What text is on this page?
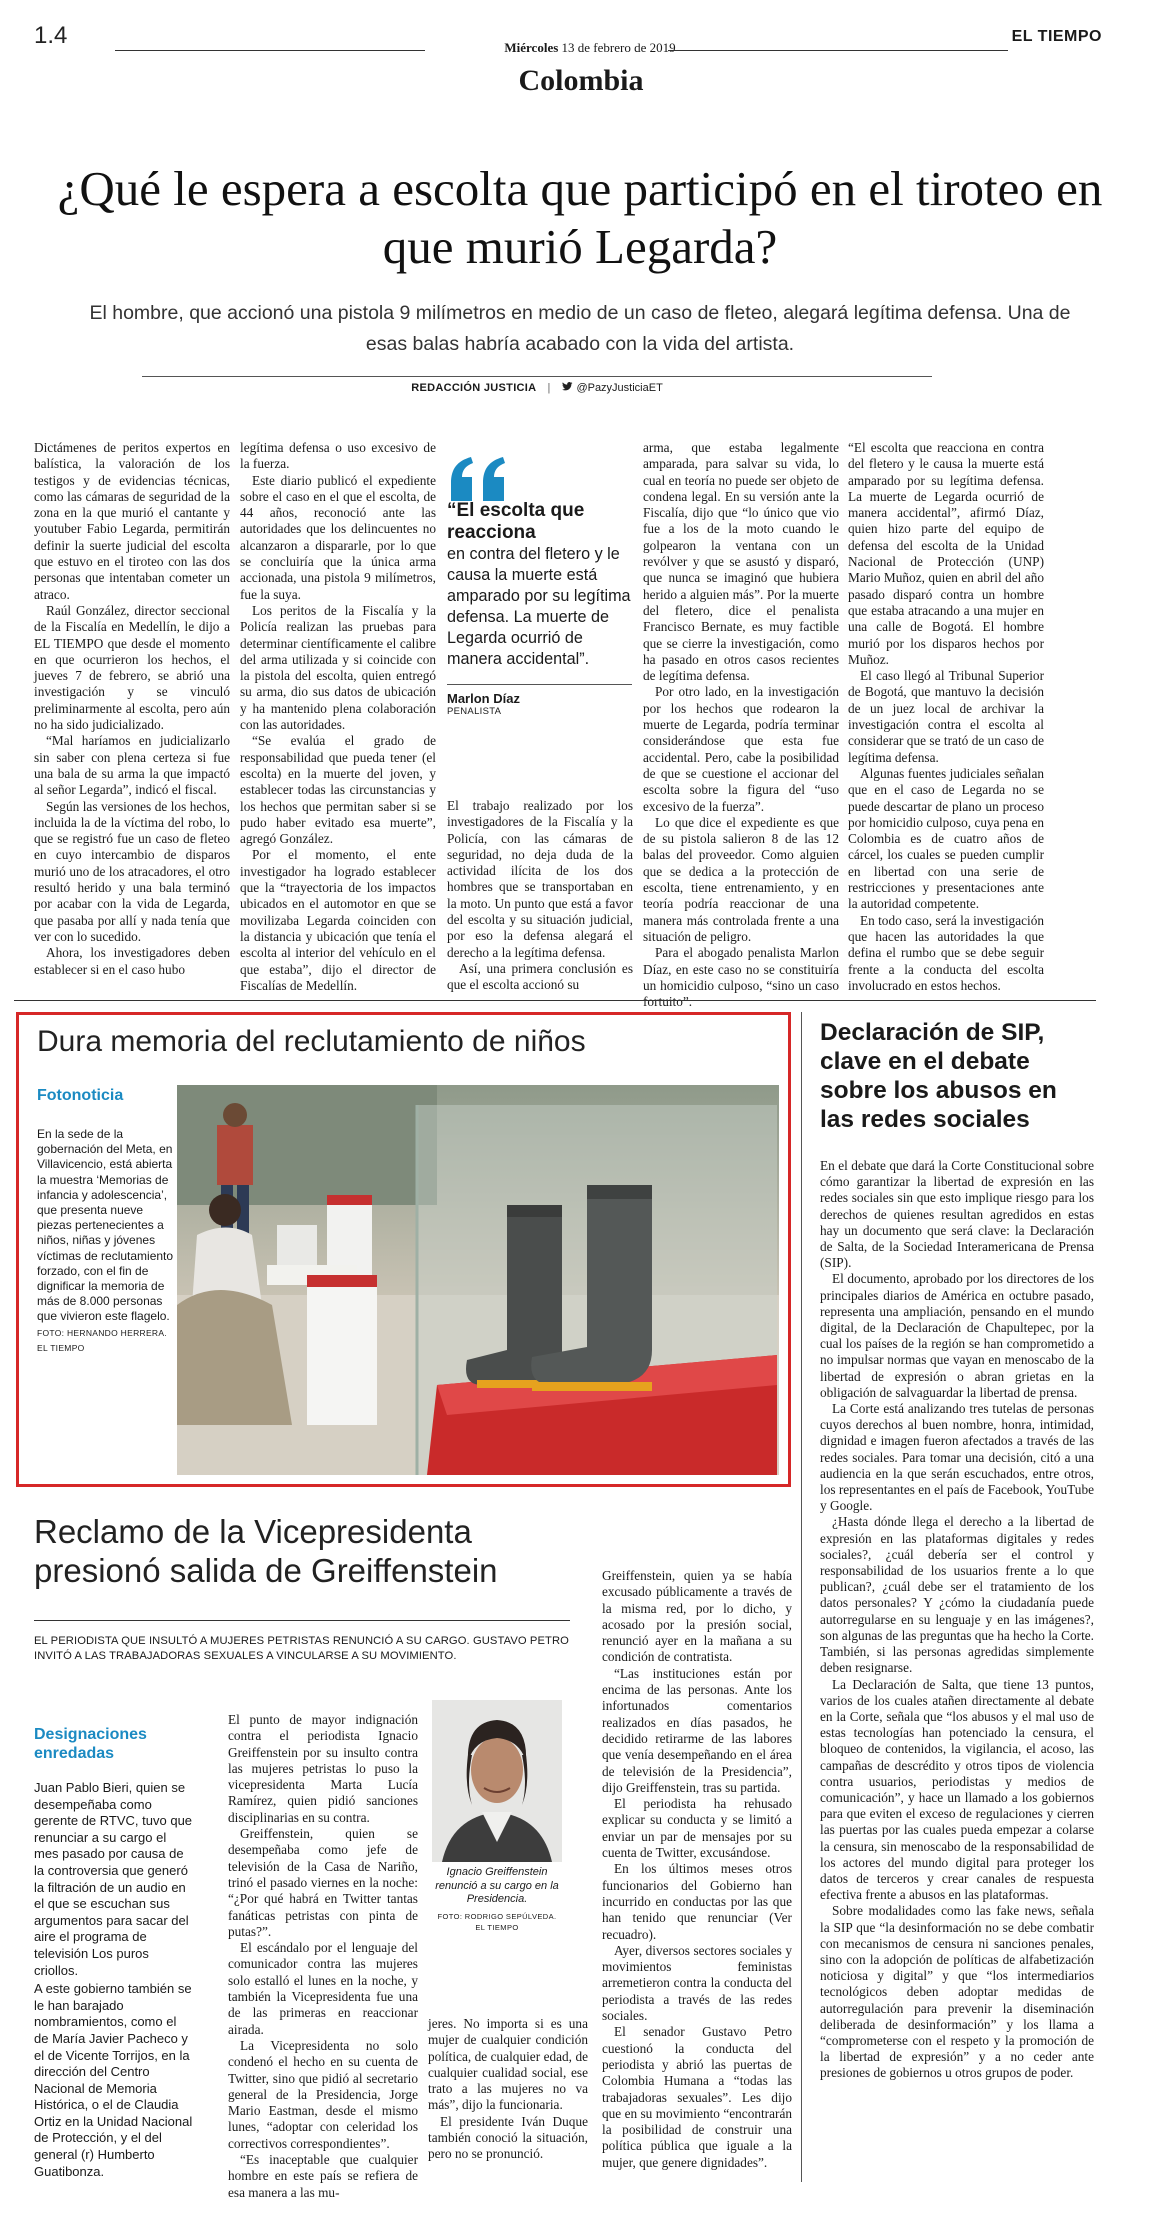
1.4	Miércoles 13 de febrero de 2019
EL TIEMPO
Colombia
¿Qué le espera a escolta que participó en el tiroteo en que murió Legarda?
El hombre, que accionó una pistola 9 milímetros en medio de un caso de fleteo, alegará legítima defensa. Una de esas balas habría acabado con la vida del artista.
REDACCIÓN JUSTICIA | @PazyJusticiaET

Dictámenes de peritos expertos en balística, la valoración de los testigos y de evidencias técnicas, como las cámaras de seguridad de la zona en la que murió el cantante y youtuber Fabio Legarda, permitirán definir la suerte judicial del escolta que estuvo en el tiroteo con las dos personas que intentaban cometer un atraco.

Raúl González, director seccional de la Fiscalía en Medellín, le dijo a EL TIEMPO que desde el momento en que ocurrieron los hechos, el jueves 7 de febrero, se abrió una investigación y se vinculó preliminarmente al escolta, pero aún no ha sido judicializado.

“Mal haríamos en judicializarlo sin saber con plena certeza si fue una bala de su arma la que impactó al señor Legarda”, indicó el fiscal.

Según las versiones de los hechos, incluida la de la víctima del robo, lo que se registró fue un caso de fleteo en cuyo intercambio de disparos murió uno de los atracadores, el otro resultó herido y una bala terminó por acabar con la vida de Legarda, que pasaba por allí y nada tenía que ver con lo sucedido.

Ahora, los investigadores deben establecer si en el caso hubo

legítima defensa o uso excesivo de la fuerza.

Este diario publicó el expediente sobre el caso en el que el escolta, de 44 años, reconoció ante las autoridades que los delincuentes no alcanzaron a dispararle, por lo que se concluiría que la única arma accionada, una pistola 9 milímetros, fue la suya.

Los peritos de la Fiscalía y la Policía realizan las pruebas para determinar científicamente el calibre del arma utilizada y si coincide con la pistola del escolta, quien entregó su arma, dio sus datos de ubicación y ha mantenido plena colaboración con las autoridades.

“Se evalúa el grado de responsabilidad que pueda tener (el escolta) en la muerte del joven, y establecer todas las circunstancias y los hechos que permitan saber si se pudo haber evitado esa muerte”, agregó González.

Por el momento, el ente investigador ha logrado establecer que la “trayectoria de los impactos ubicados en el automotor en que se movilizaba Legarda coinciden con la distancia y ubicación que tenía el escolta al interior del vehículo en el que estaba”, dijo el director de Fiscalías de Medellín.

“El escolta que reacciona
en contra del fletero y le causa la muerte está amparado por su legítima defensa. La muerte de Legarda ocurrió de manera accidental”.
Marlon Díaz
PENALISTA

El trabajo realizado por los investigadores de la Fiscalía y la Policía, con las cámaras de seguridad, no deja duda de la actividad ilícita de los dos hombres que se transportaban en la moto. Un punto que está a favor del escolta y su situación judicial, por eso la defensa alegará el derecho a la legítima defensa.

Así, una primera conclusión es que el escolta accionó su

arma, que estaba legalmente amparada, para salvar su vida, lo cual en teoría no puede ser objeto de condena legal. En su versión ante la Fiscalía, dijo que “lo único que vio fue a los de la moto cuando le golpearon la ventana con un revólver y que se asustó y disparó, que nunca se imaginó que hubiera herido a alguien más”. Por la muerte del fletero, dice el penalista Francisco Bernate, es muy factible que se cierre la investigación, como ha pasado en otros casos recientes de legítima defensa.

Por otro lado, en la investigación por los hechos que rodearon la muerte de Legarda, podría terminar considerándose que esta fue accidental. Pero, cabe la posibilidad de que se cuestione el accionar del escolta sobre la figura del “uso excesivo de la fuerza”.

Lo que dice el expediente es que de su pistola salieron 8 de las 12 balas del proveedor. Como alguien que se dedica a la protección de escolta, tiene entrenamiento, y en teoría podría reaccionar de una manera más controlada frente a una situación de peligro.

Para el abogado penalista Marlon Díaz, en este caso no se constituiría un homicidio culposo, “sino un caso fortuito”.

“El escolta que reacciona en contra del fletero y le causa la muerte está amparado por su legítima defensa. La muerte de Legarda ocurrió de manera accidental”, afirmó Díaz, quien hizo parte del equipo de defensa del escolta de la Unidad Nacional de Protección (UNP) Mario Muñoz, quien en abril del año pasado disparó contra un hombre que estaba atracando a una mujer en una calle de Bogotá. El hombre murió por los disparos hechos por Muñoz.

El caso llegó al Tribunal Superior de Bogotá, que mantuvo la decisión de un juez local de archivar la investigación contra el escolta al considerar que se trató de un caso de legítima defensa.

Algunas fuentes judiciales señalan que en el caso de Legarda no se puede descartar de plano un proceso por homicidio culposo, cuya pena en Colombia es de cuatro años de cárcel, los cuales se pueden cumplir en libertad con una serie de restricciones y presentaciones ante la autoridad competente.

En todo caso, será la investigación que hacen las autoridades la que defina el rumbo que se debe seguir frente a la conducta del escolta involucrado en estos hechos.

Dura memoria del reclutamiento de niños
Fotonoticia
En la sede de la gobernación del Meta, en Villavicencio, está abierta la muestra ‘Memorias de infancia y adolescencia’, que presenta nueve piezas pertenecientes a niños, niñas y jóvenes víctimas de reclutamiento forzado, con el fin de dignificar la memoria de más de 8.000 personas que vivieron este flagelo. FOTO: HERNANDO HERRERA. EL TIEMPO
Declaración de SIP, clave en el debate sobre los abusos en las redes sociales

En el debate que dará la Corte Constitucional sobre cómo garantizar la libertad de expresión en las redes sociales sin que esto implique riesgo para los derechos de quienes resultan agredidos en estas hay un documento que será clave: la Declaración de Salta, de la Sociedad Interamericana de Prensa (SIP).

El documento, aprobado por los directores de los principales diarios de América en octubre pasado, representa una ampliación, pensando en el mundo digital, de la Declaración de Chapultepec, por la cual los países de la región se han comprometido a no impulsar normas que vayan en menoscabo de la libertad de expresión o abran grietas en la obligación de salvaguardar la libertad de prensa.

La Corte está analizando tres tutelas de personas cuyos derechos al buen nombre, honra, intimidad, dignidad e imagen fueron afectados a través de las redes sociales. Para tomar una decisión, citó a una audiencia en la que serán escuchados, entre otros, los representantes en el país de Facebook, YouTube y Google.

¿Hasta dónde llega el derecho a la libertad de expresión en las plataformas digitales y redes sociales?, ¿cuál debería ser el control y responsabilidad de los usuarios frente a lo que publican?, ¿cuál debe ser el tratamiento de los datos personales? Y ¿cómo la ciudadanía puede autorregularse en su lenguaje y en las imágenes?, son algunas de las preguntas que ha hecho la Corte. También, si las personas agredidas simplemente deben resignarse.

La Declaración de Salta, que tiene 13 puntos, varios de los cuales atañen directamente al debate en la Corte, señala que “los abusos y el mal uso de estas tecnologías han potenciado la censura, el bloqueo de contenidos, la vigilancia, el acoso, las campañas de descrédito y otros tipos de violencia contra usuarios, periodistas y medios de comunicación”, y hace un llamado a los gobiernos para que eviten el exceso de regulaciones y cierren las puertas por las cuales pueda empezar a colarse la censura, sin menoscabo de la responsabilidad de los actores del mundo digital para proteger los datos de terceros y crear canales de respuesta efectiva frente a abusos en las plataformas.

Sobre modalidades como las fake news, señala la SIP que “la desinformación no se debe combatir con mecanismos de censura ni sanciones penales, sino con la adopción de políticas de alfabetización noticiosa y digital” y que “los intermediarios tecnológicos deben adoptar medidas de autorregulación para prevenir la diseminación deliberada de desinformación” y los llama a “comprometerse con el respeto y la promoción de la libertad de expresión” y a no ceder ante presiones de gobiernos u otros grupos de poder.

Reclamo de la Vicepresidenta presionó salida de Greiffenstein
EL PERIODISTA QUE INSULTÓ A MUJERES PETRISTAS RENUNCIÓ A SU CARGO. GUSTAVO PETRO INVITÓ A LAS TRABAJADORAS SEXUALES A VINCULARSE A SU MOVIMIENTO.
Designaciones enredadas

Juan Pablo Bieri, quien se desempeñaba como gerente de RTVC, tuvo que renunciar a su cargo el mes pasado por causa de la controversia que generó la filtración de un audio en el que se escuchan sus argumentos para sacar del aire el programa de televisión Los puros criollos.

A este gobierno también se le han barajado nombramientos, como el de María Javier Pacheco y el de Vicente Torrijos, en la dirección del Centro Nacional de Memoria Histórica, o el de Claudia Ortiz en la Unidad Nacional de Protección, y el del general (r) Humberto Guatibonza.

El punto de mayor indignación contra el periodista Ignacio Greiffenstein por su insulto contra las mujeres petristas lo puso la vicepresidenta Marta Lucía Ramírez, quien pidió sanciones disciplinarias en su contra.

Greiffenstein, quien se desempeñaba como jefe de televisión de la Casa de Nariño, trinó el pasado viernes en la noche: “¿Por qué habrá en Twitter tantas fanáticas petristas con pinta de putas?”.

El escándalo por el lenguaje del comunicador contra las mujeres solo estalló el lunes en la noche, y también la Vicepresidenta fue una de las primeras en reaccionar airada.

La Vicepresidenta no solo condenó el hecho en su cuenta de Twitter, sino que pidió al secretario general de la Presidencia, Jorge Mario Eastman, desde el mismo lunes, “adoptar con celeridad los correctivos correspondientes”.

“Es inaceptable que cualquier hombre en este país se refiera de esa manera a las mu-

Ignacio Greiffenstein renunció a su cargo en la Presidencia.
FOTO: RODRIGO SEPÚLVEDA. EL TIEMPO

jeres. No importa si es una mujer de cualquier condición política, de cualquier edad, de cualquier cualidad social, ese trato a las mujeres no va más”, dijo la funcionaria.

El presidente Iván Duque también conoció la situación, pero no se pronunció.

Greiffenstein, quien ya se había excusado públicamente a través de la misma red, por lo dicho, y acosado por la presión social, renunció ayer en la mañana a su condición de contratista.

“Las instituciones están por encima de las personas. Ante los infortunados comentarios realizados en días pasados, he decidido retirarme de las labores que venía desempeñando en el área de televisión de la Presidencia”, dijo Greiffenstein, tras su partida.

El periodista ha rehusado explicar su conducta y se limitó a enviar un par de mensajes por su cuenta de Twitter, excusándose.

En los últimos meses otros funcionarios del Gobierno han incurrido en conductas por las que han tenido que renunciar (Ver recuadro).

Ayer, diversos sectores sociales y movimientos feministas arremetieron contra la conducta del periodista a través de las redes sociales.

El senador Gustavo Petro cuestionó la conducta del periodista y abrió las puertas de Colombia Humana a “todas las trabajadoras sexuales”. Les dijo que en su movimiento “encontrarán la posibilidad de construir una política pública que iguale a la mujer, que genere dignidades”.
